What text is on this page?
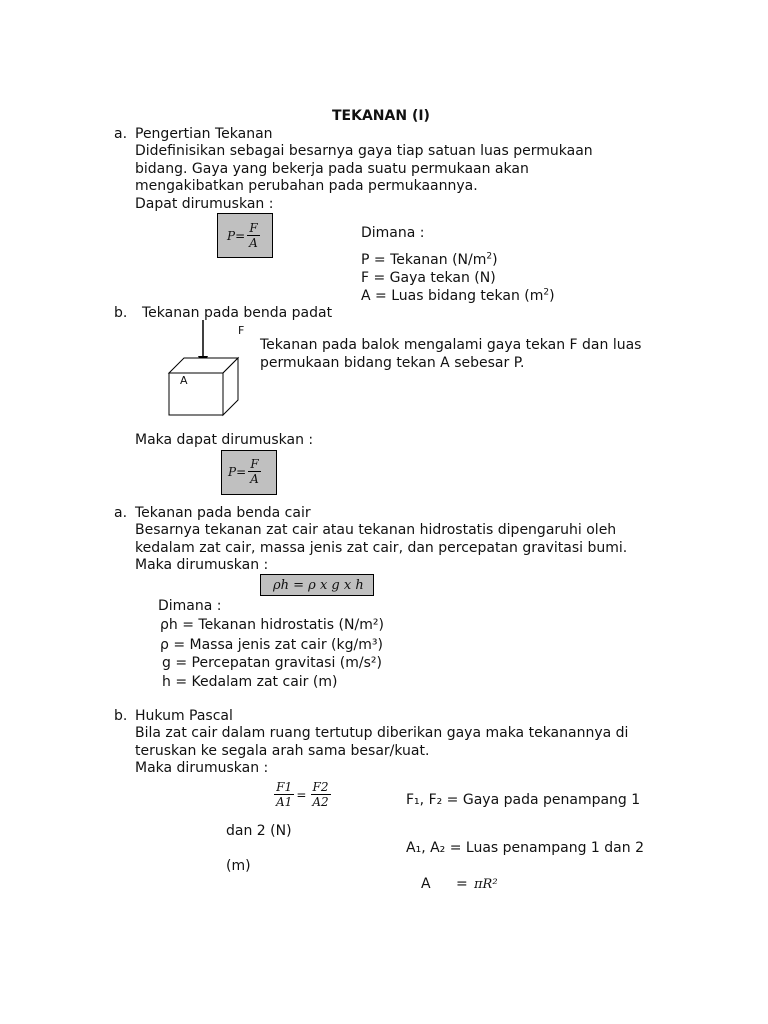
TEKANAN (I)
a. Pengertian Tekanan
Didefinisikan sebagai besarnya gaya tiap satuan luas permukaan
bidang. Gaya yang bekerja pada suatu permukaan akan
mengakibatkan perubahan pada permukaannya.
Dapat dirumuskan :
$P= \frac{F}{A}$	Dimana :
P = Tekanan $(N/m^2)$
F = Gaya tekan (N)
A = Luas bidang tekan $(m^2)$
b. Tekanan pada benda padat
F
A
Tekanan pada balok mengalami gaya tekan F dan luas
permukaan bidang tekan A sebesar P.
Maka dapat dirumuskan :
$P= \frac{F}{A}$
a. Tekanan pada benda cair
Besarnya tekanan zat cair atau tekanan hidrostatis dipengaruhi oleh
kedalam zat cair, massa jenis zat cair, dan percepatan gravitasi bumi.
Maka dirumuskan :
ρh = ρ x g x h
Dimana :
ρh = Tekanan hidrostatis (N/m²)
ρ = Massa jenis zat cair (kg/m³)
g = Percepatan gravitasi (m/s²)
h = Kedalam zat cair (m)
b. Hukum Pascal
Bila zat cair dalam ruang tertutup diberikan gaya maka tekanannya di
teruskan ke segala arah sama besar/kuat.
Maka dirumuskan :
$\frac{F1}{A1} = \frac{F2}{A2}$	F₁, F₂ = Gaya pada penampang 1
dan 2 (N)
A₁, A₂ = Luas penampang 1 dan 2
(m)
A = πR²
